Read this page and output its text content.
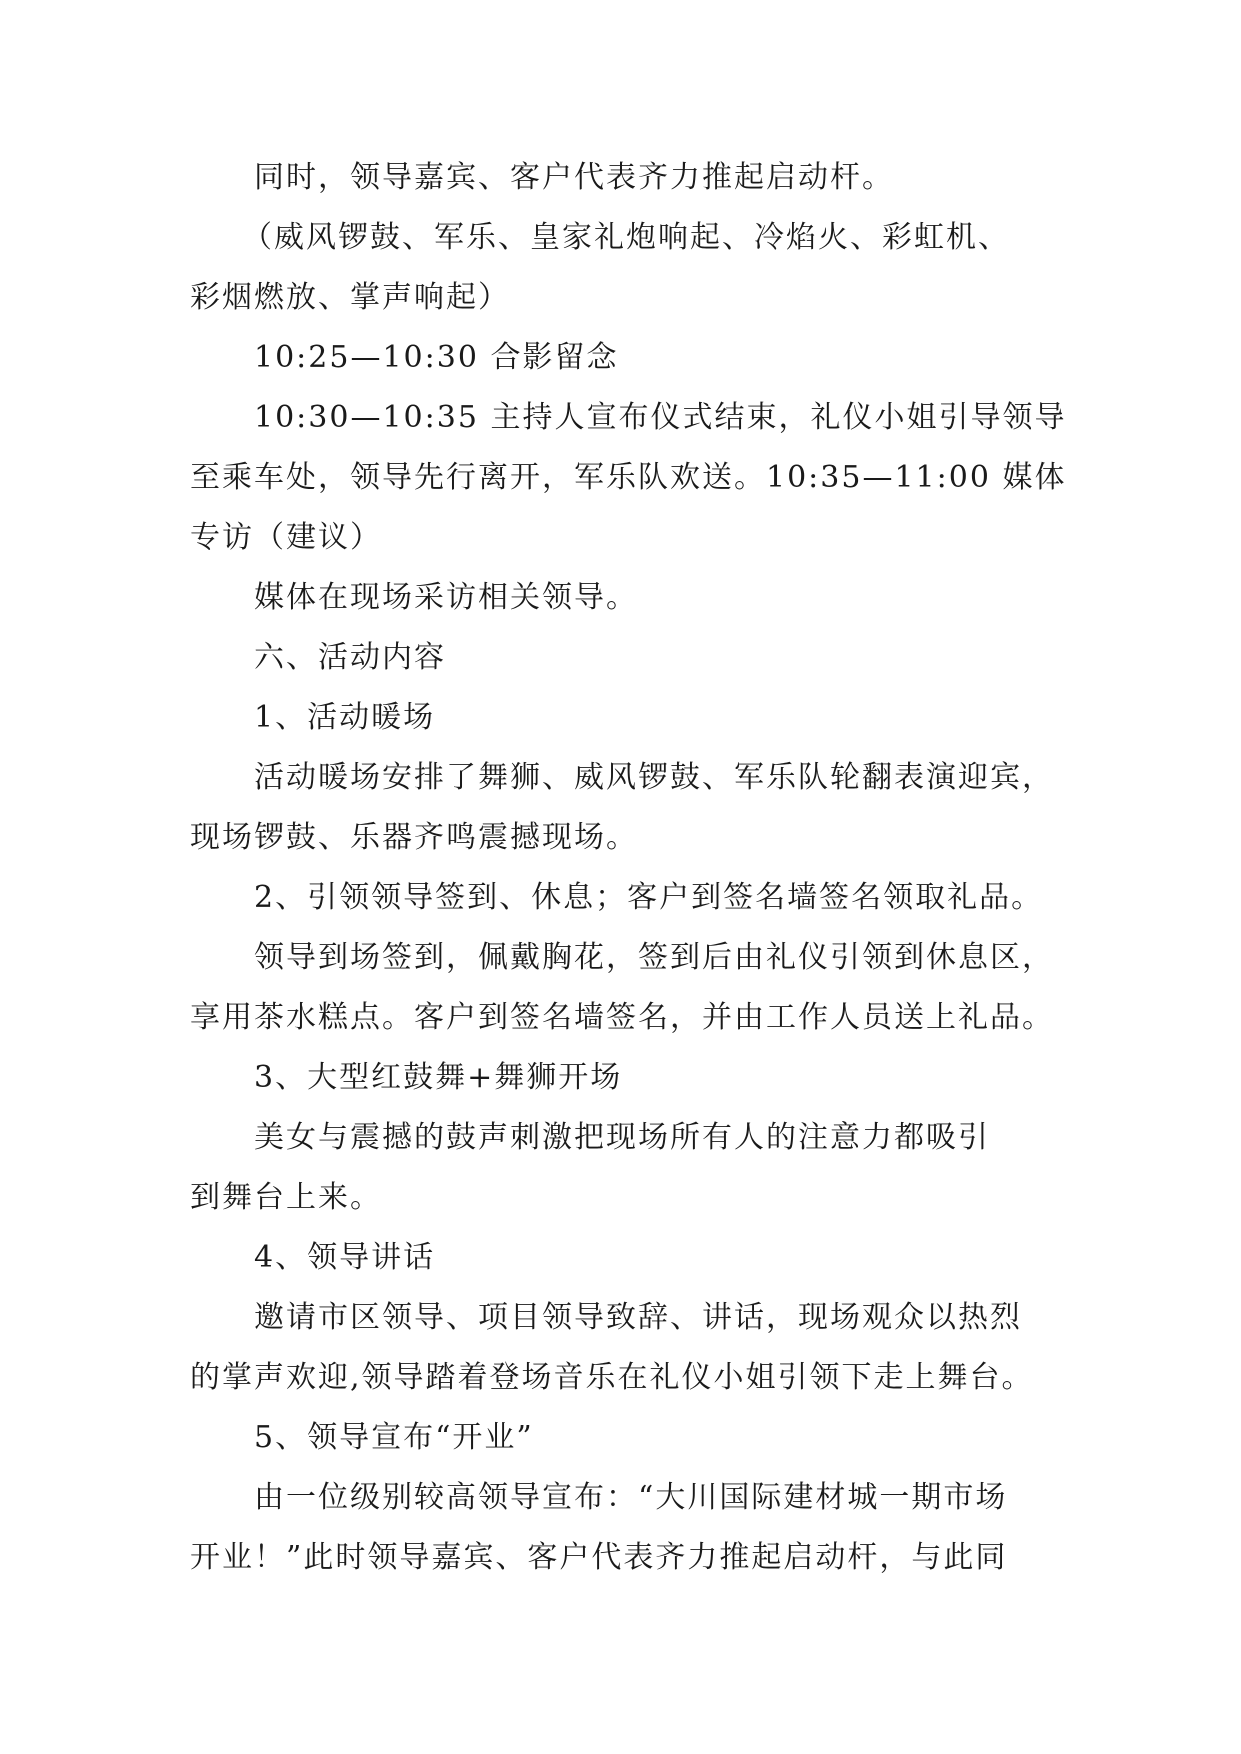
同时，领导嘉宾、客户代表齐力推起启动杆。
（威风锣鼓、军乐、皇家礼炮响起、冷焰火、彩虹机、
彩烟燃放、掌声响起）
10:25—10:30 合影留念
10:30—10:35 主持人宣布仪式结束，礼仪小姐引导领导
至乘车处，领导先行离开，军乐队欢送。10:35—11:00 媒体
专访（建议）
媒体在现场采访相关领导。
六、活动内容
1、活动暖场
活动暖场安排了舞狮、威风锣鼓、军乐队轮翻表演迎宾，
现场锣鼓、乐器齐鸣震撼现场。
2、引领领导签到、休息；客户到签名墙签名领取礼品。
领导到场签到，佩戴胸花，签到后由礼仪引领到休息区，
享用茶水糕点。客户到签名墙签名，并由工作人员送上礼品。
3、大型红鼓舞+舞狮开场
美女与震撼的鼓声刺激把现场所有人的注意力都吸引
到舞台上来。
4、领导讲话
邀请市区领导、项目领导致辞、讲话，现场观众以热烈
的掌声欢迎,领导踏着登场音乐在礼仪小姐引领下走上舞台。
5、领导宣布“开业”
由一位级别较高领导宣布：“大川国际建材城一期市场
开业！”此时领导嘉宾、客户代表齐力推起启动杆，与此同
